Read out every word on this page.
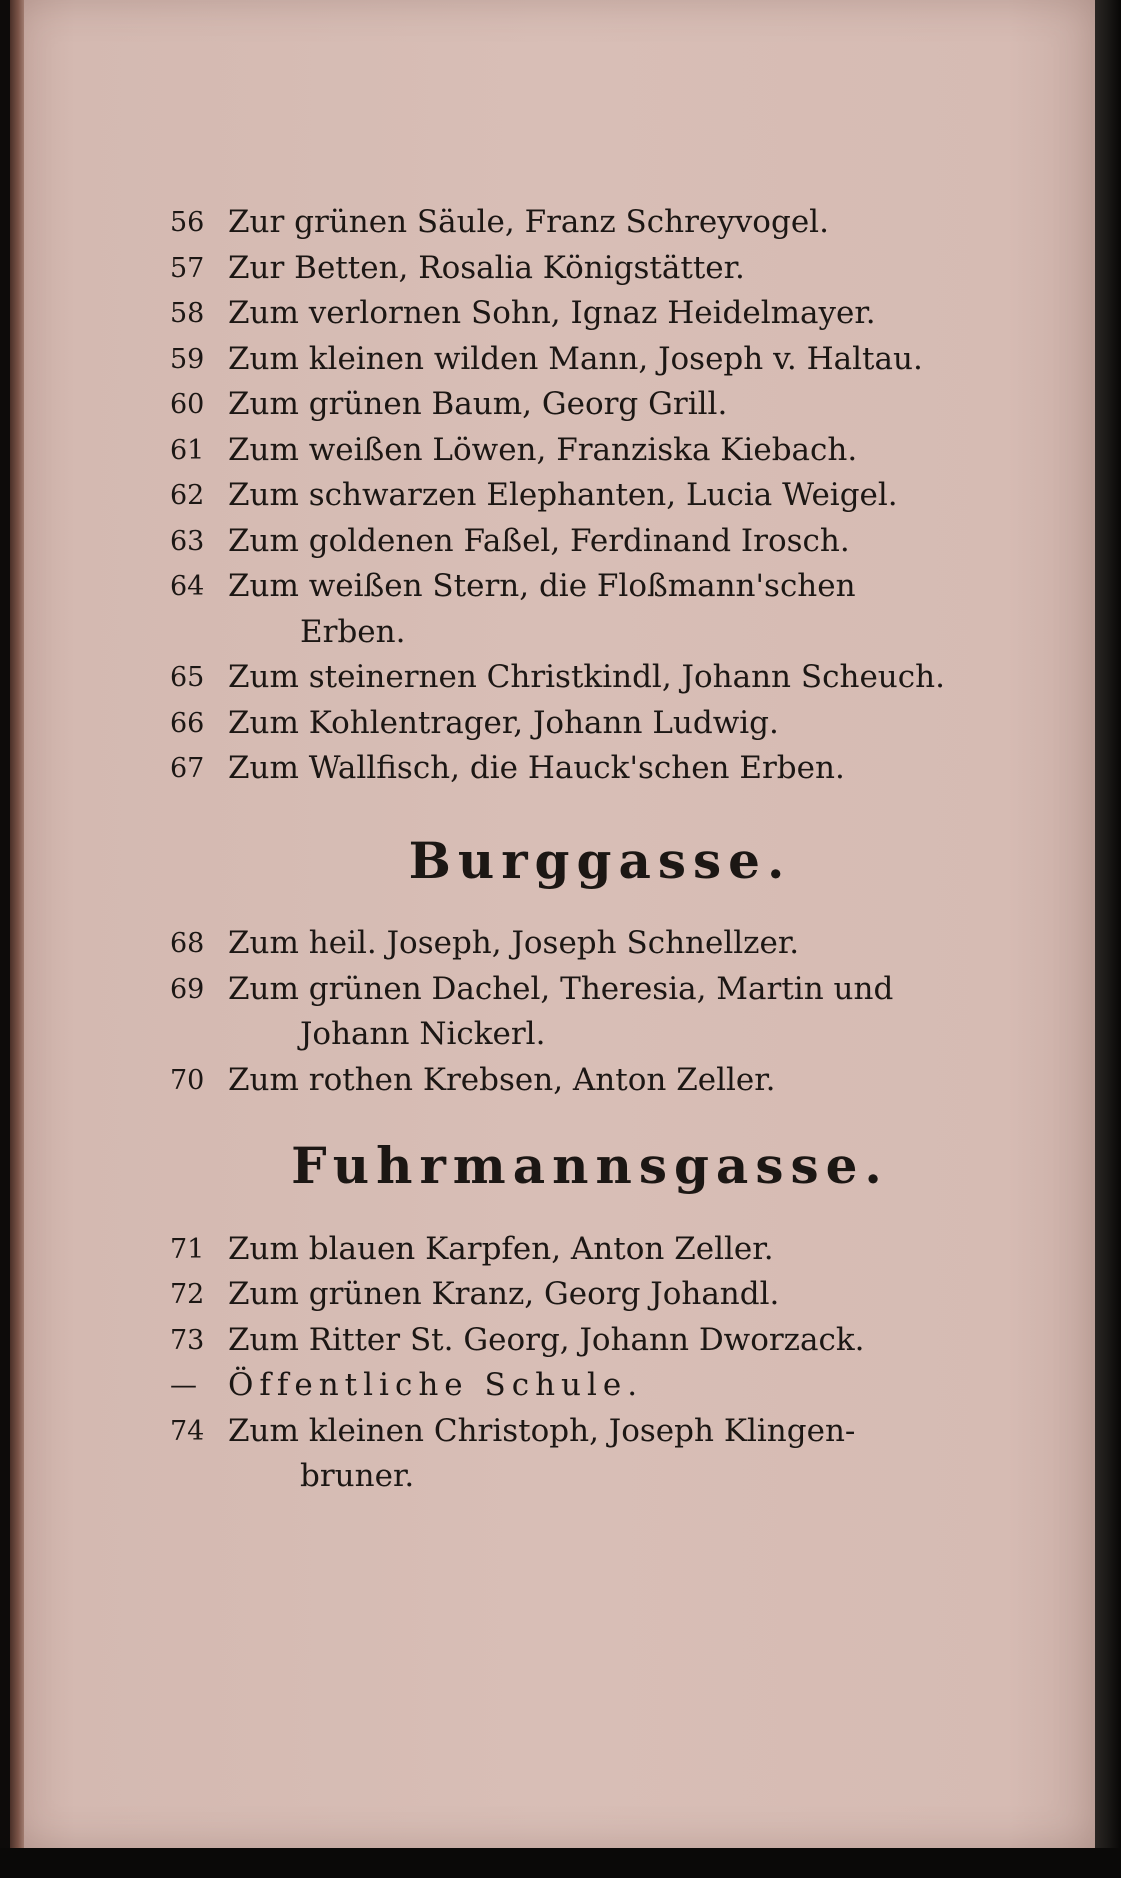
56 Zur grünen Säule, Franz Schreyvogel.
57 Zur Betten, Rosalia Königstätter.
58 Zum verlornen Sohn, Ignaz Heidelmayer.
59 Zum kleinen wilden Mann, Joseph v. Haltau.
60 Zum grünen Baum, Georg Grill.
61 Zum weißen Löwen, Franziska Kiebach.
62 Zum schwarzen Elephanten, Lucia Weigel.
63 Zum goldenen Faßel, Ferdinand Irosch.
64 Zum weißen Stern, die Floßmann'schen
Erben.
65 Zum steinernen Christkindl, Johann Scheuch.
66 Zum Kohlentrager, Johann Ludwig.
67 Zum Wallfisch, die Hauck'schen Erben.
Burggasse.
68 Zum heil. Joseph, Joseph Schnellzer.
69 Zum grünen Dachel, Theresia, Martin und
Johann Nickerl.
70 Zum rothen Krebsen, Anton Zeller.
Fuhrmannsgasse.
71 Zum blauen Karpfen, Anton Zeller.
72 Zum grünen Kranz, Georg Johandl.
73 Zum Ritter St. Georg, Johann Dworzack.
—	Öffentliche Schule.
74 Zum kleinen Christoph, Joseph Klingen-
bruner.
